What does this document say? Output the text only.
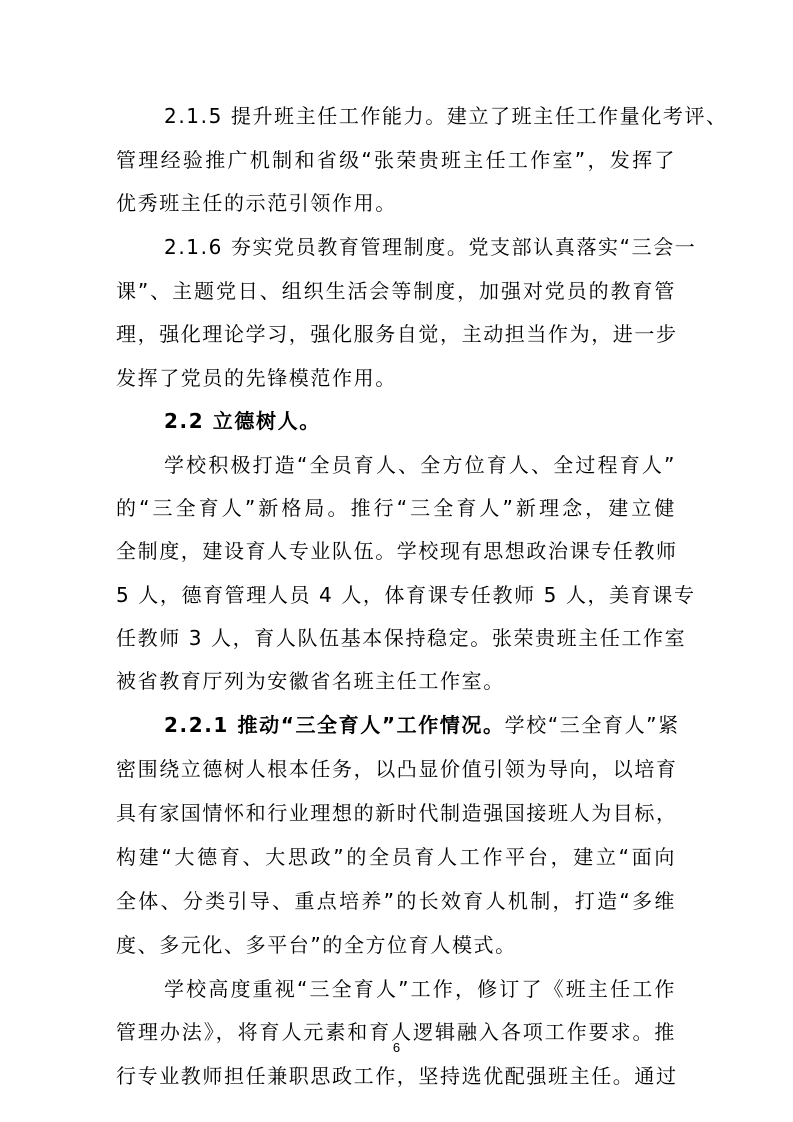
2.1.5 提升班主任工作能力。建立了班主任工作量化考评、
管理经验推广机制和省级“张荣贵班主任工作室”，发挥了
优秀班主任的示范引领作用。
2.1.6 夯实党员教育管理制度。党支部认真落实“三会一
课”、主题党日、组织生活会等制度，加强对党员的教育管
理，强化理论学习，强化服务自觉，主动担当作为，进一步
发挥了党员的先锋模范作用。
2.2 立德树人。
学校积极打造“全员育人、全方位育人、全过程育人”
的“三全育人”新格局。推行“三全育人”新理念，建立健
全制度，建设育人专业队伍。学校现有思想政治课专任教师
5 人，德育管理人员 4 人，体育课专任教师 5 人，美育课专
任教师 3 人，育人队伍基本保持稳定。张荣贵班主任工作室
被省教育厅列为安徽省名班主任工作室。
2.2.1 推动“三全育人”工作情况。学校“三全育人”紧
密围绕立德树人根本任务，以凸显价值引领为导向，以培育
具有家国情怀和行业理想的新时代制造强国接班人为目标，
构建“大德育、大思政”的全员育人工作平台，建立“面向
全体、分类引导、重点培养”的长效育人机制，打造“多维
度、多元化、多平台”的全方位育人模式。
学校高度重视“三全育人”工作，修订了《班主任工作
管理办法》，将育人元素和育人逻辑融入各项工作要求。推
行专业教师担任兼职思政工作，坚持选优配强班主任。通过
6
